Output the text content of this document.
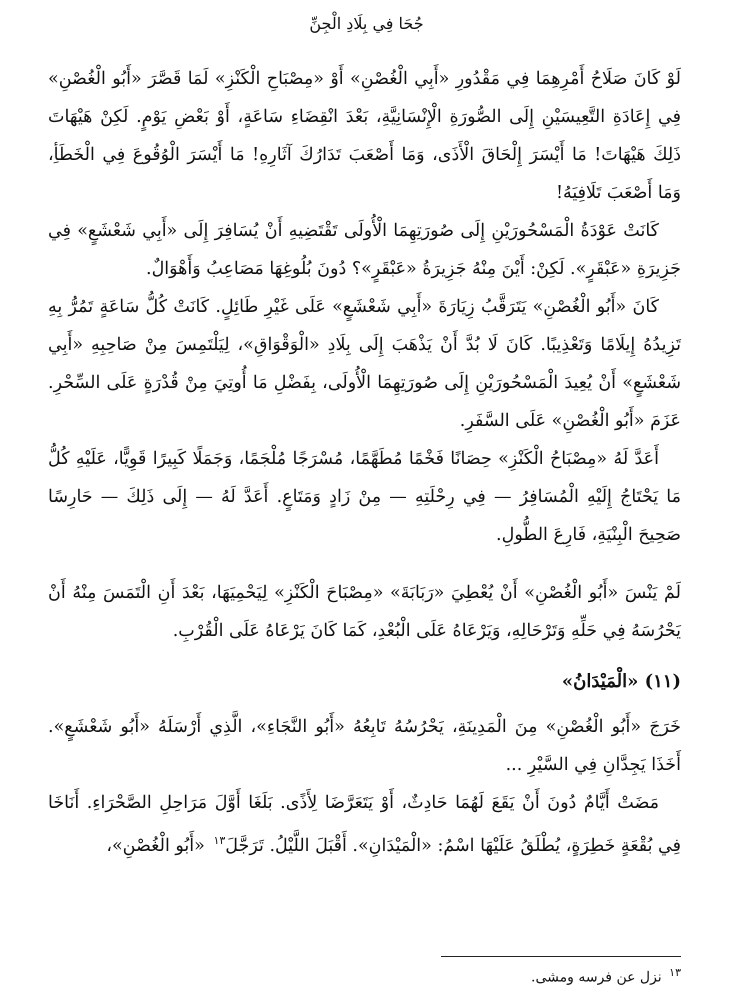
جُحَا فِي بِلَادِ الْجِنِّ

لَوْ كَانَ صَلَاحُ أَمْرِهِمَا فِي مَقْدُورِ «أَبِي الْغُصْنِ» أَوْ «مِصْبَاحِ الْكَنْزِ» لَمَا قَصَّرَ «أَبُو الْغُصْنِ» فِي إِعَادَةِ التَّعِيسَيْنِ إِلَى الصُّورَةِ الْإِنْسَانِيَّةِ، بَعْدَ انْقِضَاءِ سَاعَةٍ، أَوْ بَعْضِ يَوْمٍ. لَكِنْ هَيْهَاتَ ذَلِكَ هَيْهَاتَ! مَا أَيْسَرَ إِلْحَاقَ الْأَذَى، وَمَا أَصْعَبَ تَدَارُكَ آثَارِهِ! مَا أَيْسَرَ الْوُقُوعَ فِي الْخَطَأِ، وَمَا أَصْعَبَ تَلَافِيَهُ!

كَانَتْ عَوْدَةُ الْمَسْحُورَيْنِ إِلَى صُورَتِهِمَا الْأُولَى تَقْتَضِيهِ أَنْ يُسَافِرَ إِلَى «أَبِي شَعْشَعٍ» فِي جَزِيرَةِ «عَبْقَرٍ». لَكِنْ: أَيْنَ مِنْهُ جَزِيرَةُ «عَبْقَرٍ»؟ دُونَ بُلُوغِهَا مَصَاعِبُ وَأَهْوَالٌ.

كَانَ «أَبُو الْغُصْنِ» يَتَرَقَّبُ زِيَارَةَ «أَبِي شَعْشَعٍ» عَلَى غَيْرِ طَائِلٍ. كَانَتْ كُلُّ سَاعَةٍ تَمُرُّ بِهِ تَزِيدُهُ إِيلَامًا وَتَعْذِيبًا. كَانَ لَا بُدَّ أَنْ يَذْهَبَ إِلَى بِلَادِ «الْوَقْوَاقِ»، لِيَلْتَمِسَ مِنْ صَاحِبِهِ «أَبِي شَعْشَعٍ» أَنْ يُعِيدَ الْمَسْحُورَيْنِ إِلَى صُورَتِهِمَا الْأُولَى، بِفَضْلِ مَا أُوتِيَ مِنْ قُدْرَةٍ عَلَى السِّحْرِ. عَزَمَ «أَبُو الْغُصْنِ» عَلَى السَّفَرِ.

أَعَدَّ لَهُ «مِصْبَاحُ الْكَنْزِ» حِصَانًا فَخْمًا مُطَهَّمًا، مُسْرَجًا مُلْجَمًا، وَجَمَلًا كَبِيرًا قَوِيًّا، عَلَيْهِ كُلُّ مَا يَحْتَاجُ إِلَيْهِ الْمُسَافِرُ — فِي رِحْلَتِهِ — مِنْ زَادٍ وَمَتَاعٍ. أَعَدَّ لَهُ — إِلَى ذَلِكَ — حَارِسًا صَحِيحَ الْبِنْيَةِ، فَارِعَ الطُّولِ.

لَمْ يَنْسَ «أَبُو الْغُصْنِ» أَنْ يُعْطِيَ «رَبَابَةَ» «مِصْبَاحَ الْكَنْزِ» لِيَحْمِيَهَا، بَعْدَ أَنِ الْتَمَسَ مِنْهُ أَنْ يَحْرُسَهُ فِي حَلِّهِ وَتَرْحَالِهِ، وَيَرْعَاهُ عَلَى الْبُعْدِ، كَمَا كَانَ يَرْعَاهُ عَلَى الْقُرْبِ.

(١١) «الْمَيْدَانُ»

خَرَجَ «أَبُو الْغُصْنِ» مِنَ الْمَدِينَةِ، يَحْرُسُهُ تَابِعُهُ «أَبُو النَّجَاءِ»، الَّذِي أَرْسَلَهُ «أَبُو شَعْشَعٍ». أَخَذَا يَجِدَّانِ فِي السَّيْرِ ...

مَضَتْ أَيَّامٌ دُونَ أَنْ يَقَعَ لَهُمَا حَادِثٌ، أَوْ يَتَعَرَّضَا لِأَذًى. بَلَغَا أَوَّلَ مَرَاحِلِ الصَّحْرَاءِ. أَنَاخَا فِي بُقْعَةٍ خَطِرَةٍ، يُطْلَقُ عَلَيْهَا اسْمُ: «الْمَيْدَانِ». أَقْبَلَ اللَّيْلُ. تَرَجَّلَ$^{١٣}$ «أَبُو الْغُصْنِ»،

$^{١٣}$ نزل عن فرسه ومشى.
